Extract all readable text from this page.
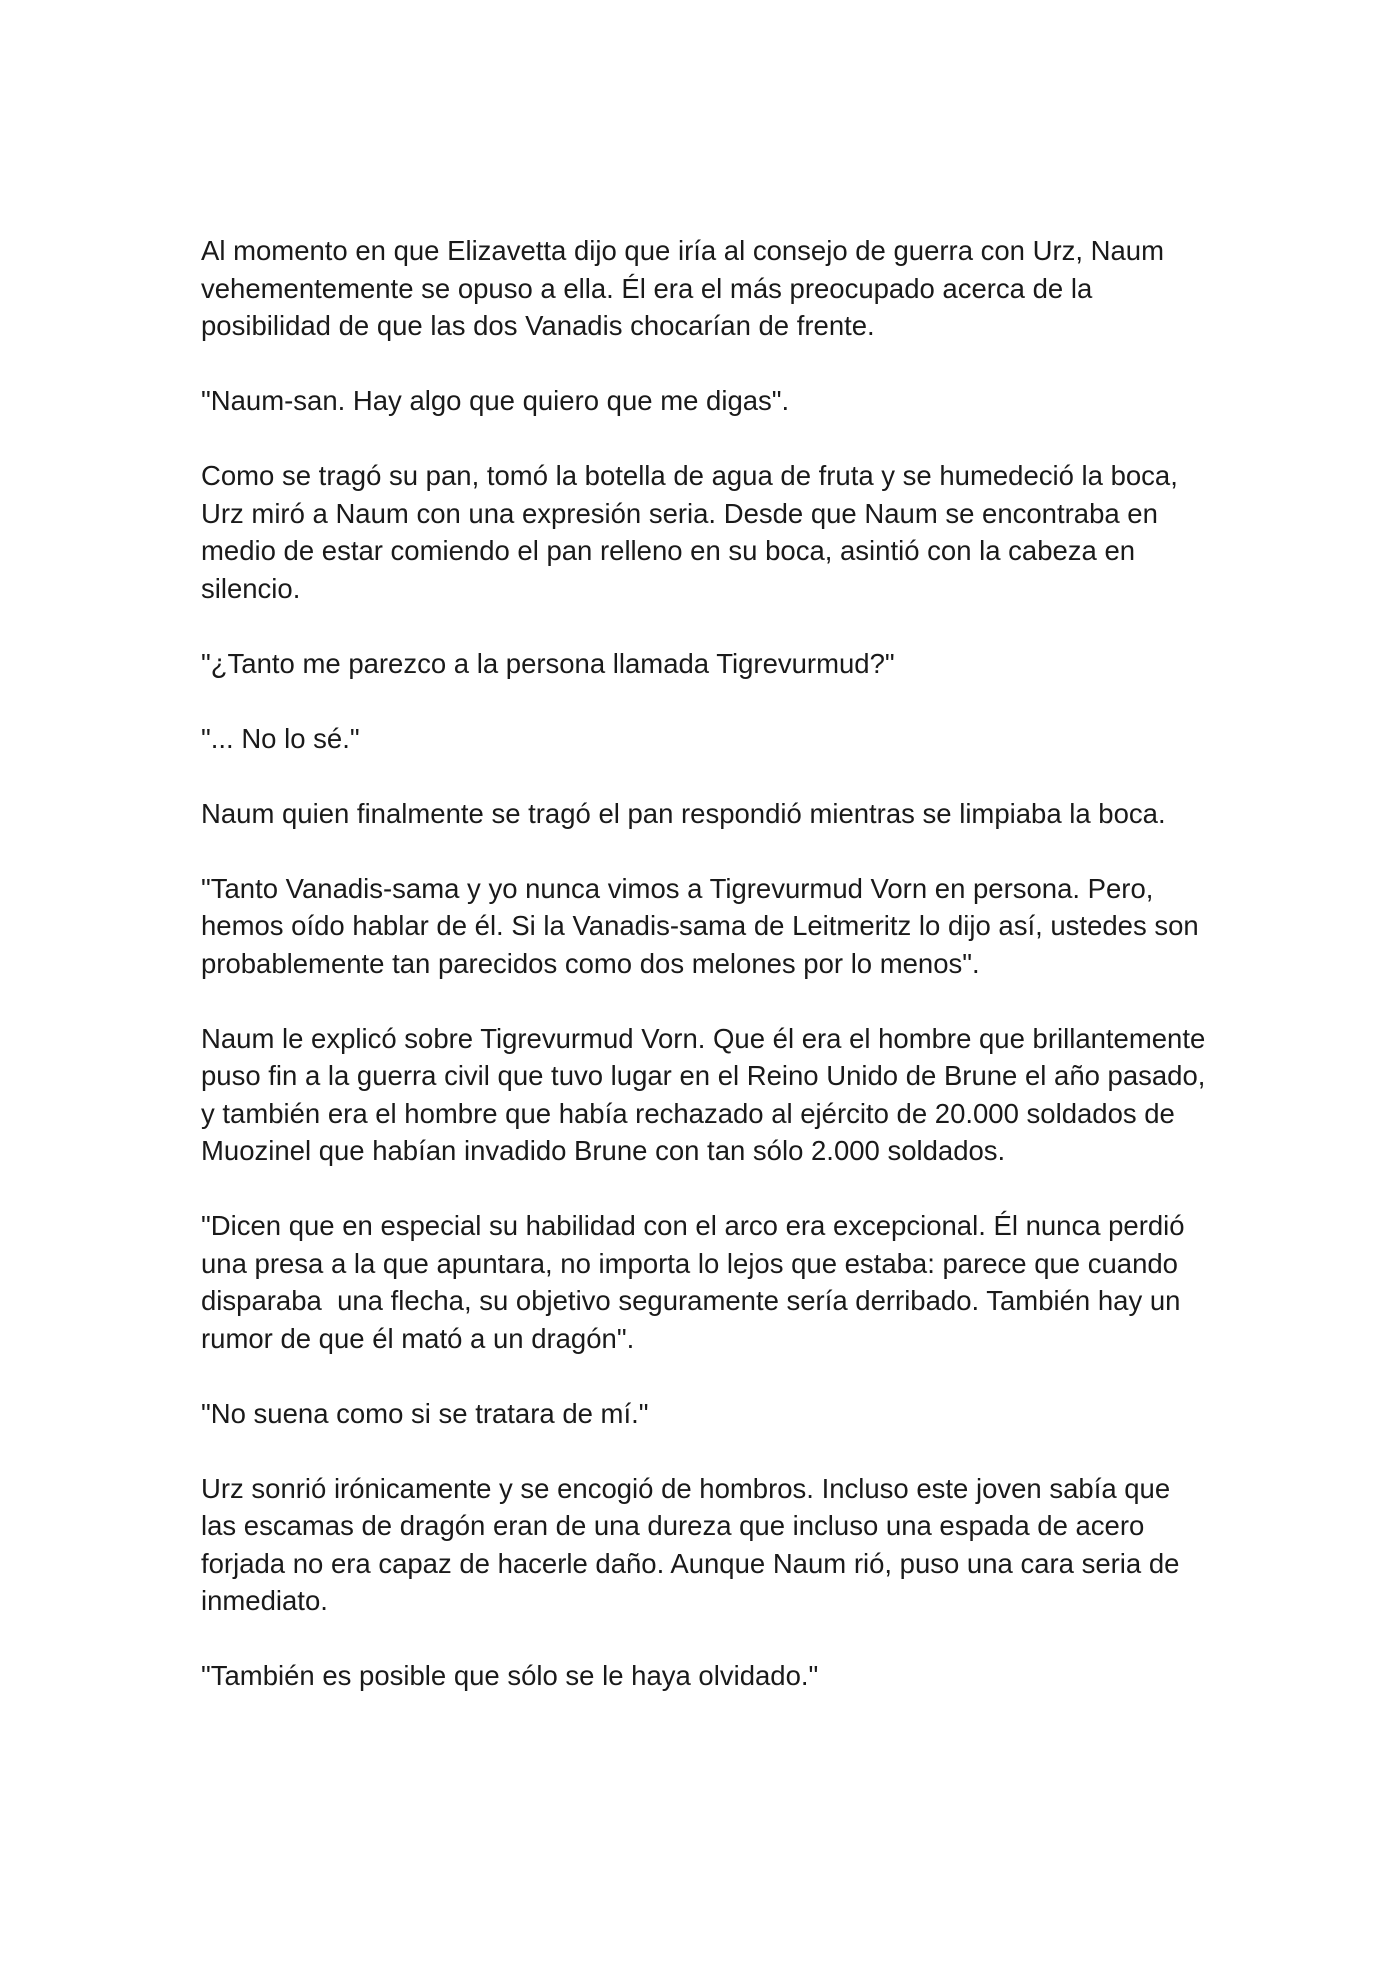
Al momento en que Elizavetta dijo que iría al consejo de guerra con Urz, Naum vehementemente se opuso a ella. Él era el más preocupado acerca de la posibilidad de que las dos Vanadis chocarían de frente.

"Naum-san. Hay algo que quiero que me digas".

Como se tragó su pan, tomó la botella de agua de fruta y se humedeció la boca, Urz miró a Naum con una expresión seria. Desde que Naum se encontraba en medio de estar comiendo el pan relleno en su boca, asintió con la cabeza en silencio.

"¿Tanto me parezco a la persona llamada Tigrevurmud?"

"... No lo sé."

Naum quien finalmente se tragó el pan respondió mientras se limpiaba la boca.

"Tanto Vanadis-sama y yo nunca vimos a Tigrevurmud Vorn en persona. Pero, hemos oído hablar de él. Si la Vanadis-sama de Leitmeritz lo dijo así, ustedes son probablemente tan parecidos como dos melones por lo menos".

Naum le explicó sobre Tigrevurmud Vorn. Que él era el hombre que brillantemente puso fin a la guerra civil que tuvo lugar en el Reino Unido de Brune el año pasado, y también era el hombre que había rechazado al ejército de 20.000 soldados de Muozinel que habían invadido Brune con tan sólo 2.000 soldados.

"Dicen que en especial su habilidad con el arco era excepcional. Él nunca perdió una presa a la que apuntara, no importa lo lejos que estaba: parece que cuando disparaba  una flecha, su objetivo seguramente sería derribado. También hay un rumor de que él mató a un dragón".

"No suena como si se tratara de mí."

Urz sonrió irónicamente y se encogió de hombros. Incluso este joven sabía que las escamas de dragón eran de una dureza que incluso una espada de acero forjada no era capaz de hacerle daño. Aunque Naum rió, puso una cara seria de inmediato.

"También es posible que sólo se le haya olvidado."
